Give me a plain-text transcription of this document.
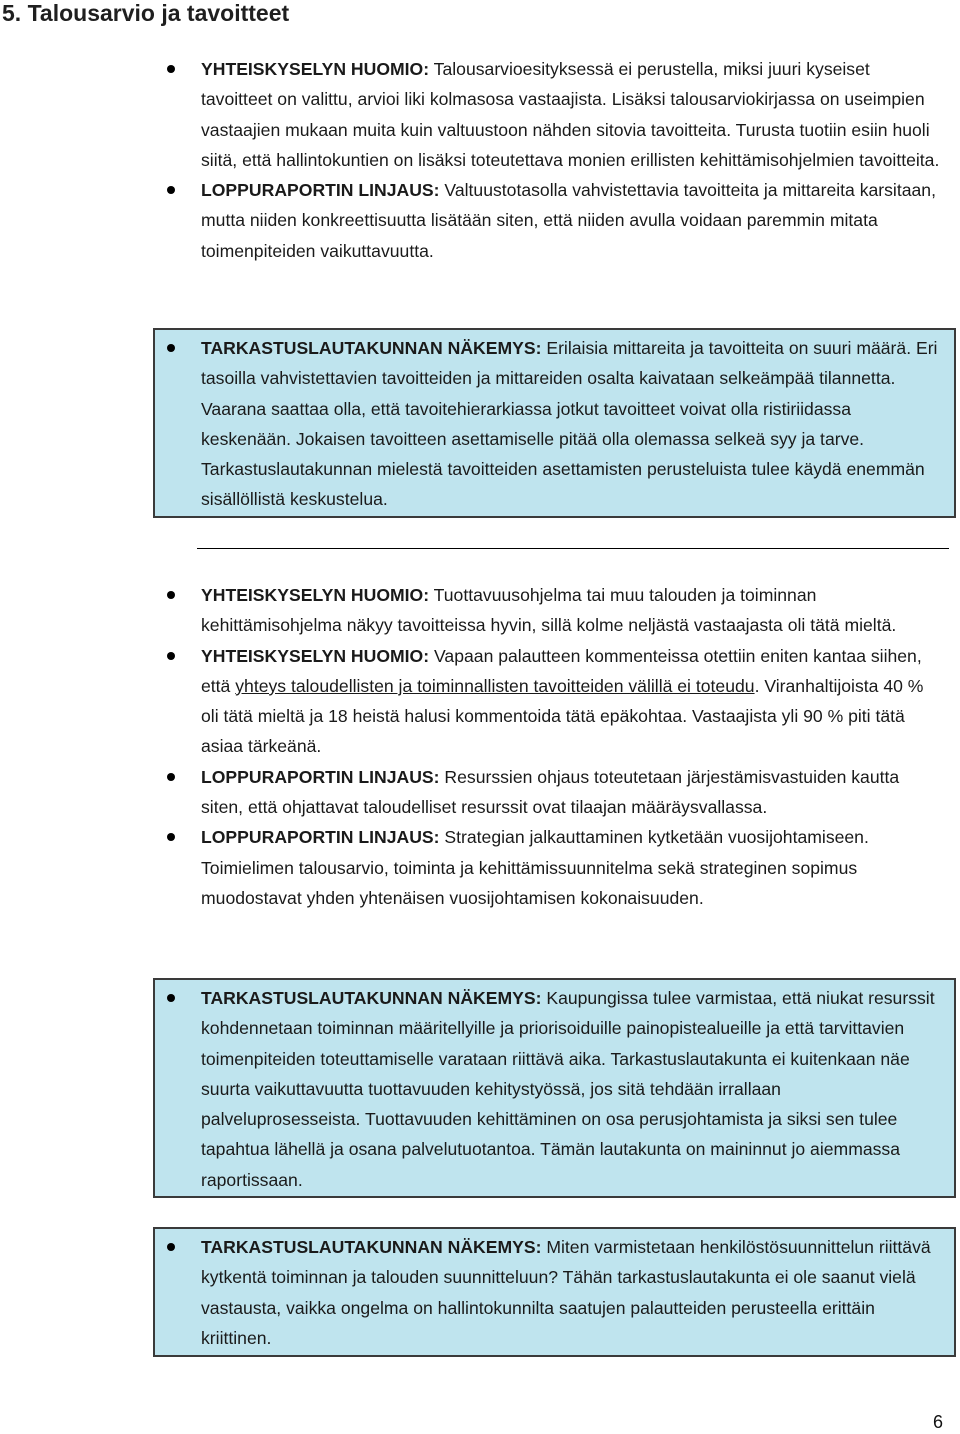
5. Talousarvio ja tavoitteet
YHTEISKYSELYN HUOMIO: Talousarvioesityksessä ei perustella, miksi juuri kyseiset tavoitteet on valittu, arvioi liki kolmasosa vastaajista. Lisäksi talousarviokirjassa on useimpien vastaajien mukaan muita kuin valtuustoon nähden sitovia tavoitteita. Turusta tuotiin esiin huoli siitä, että hallintokuntien on lisäksi toteutettava monien erillisten kehittämisohjelmien tavoitteita.
LOPPURAPORTIN LINJAUS: Valtuustotasolla vahvistettavia tavoitteita ja mittareita karsitaan, mutta niiden konkreettisuutta lisätään siten, että niiden avulla voidaan paremmin mitata toimenpiteiden vaikuttavuutta.
TARKASTUSLAUTAKUNNAN NÄKEMYS: Erilaisia mittareita ja tavoitteita on suuri määrä. Eri tasoilla vahvistettavien tavoitteiden ja mittareiden osalta kaivataan selkeämpää tilannetta. Vaarana saattaa olla, että tavoitehierarkiassa jotkut tavoitteet voivat olla ristiriidassa keskenään. Jokaisen tavoitteen asettamiselle pitää olla olemassa selkeä syy ja tarve. Tarkastuslautakunnan mielestä tavoitteiden asettamisten perusteluista tulee käydä enemmän sisällöllistä keskustelua.
YHTEISKYSELYN HUOMIO: Tuottavuusohjelma tai muu talouden ja toiminnan kehittämisohjelma näkyy tavoitteissa hyvin, sillä kolme neljästä vastaajasta oli tätä mieltä.
YHTEISKYSELYN HUOMIO: Vapaan palautteen kommenteissa otettiin eniten kantaa siihen, että yhteys taloudellisten ja toiminnallisten tavoitteiden välillä ei toteudu. Viranhaltijoista 40 % oli tätä mieltä ja 18 heistä halusi kommentoida tätä epäkohtaa. Vastaajista yli 90 % piti tätä asiaa tärkeänä.
LOPPURAPORTIN LINJAUS: Resurssien ohjaus toteutetaan järjestämisvastuiden kautta siten, että ohjattavat taloudelliset resurssit ovat tilaajan määräysvallassa.
LOPPURAPORTIN LINJAUS: Strategian jalkauttaminen kytketään vuosijohtamiseen. Toimielimen talousarvio, toiminta ja kehittämissuunnitelma sekä strateginen sopimus muodostavat yhden yhtenäisen vuosijohtamisen kokonaisuuden.
TARKASTUSLAUTAKUNNAN NÄKEMYS: Kaupungissa tulee varmistaa, että niukat resurssit kohdennetaan toiminnan määritellyille ja priorisoiduille painopistealueille ja että tarvittavien toimenpiteiden toteuttamiselle varataan riittävä aika. Tarkastuslautakunta ei kuitenkaan näe suurta vaikuttavuutta tuottavuuden kehitystyössä, jos sitä tehdään irrallaan palveluprosesseista. Tuottavuuden kehittäminen on osa perusjohtamista ja siksi sen tulee tapahtua lähellä ja osana palvelutuotantoa. Tämän lautakunta on maininnut jo aiemmassa raportissaan.
TARKASTUSLAUTAKUNNAN NÄKEMYS: Miten varmistetaan henkilöstösuunnittelun riittävä kytkentä toiminnan ja talouden suunnitteluun? Tähän tarkastuslautakunta ei ole saanut vielä vastausta, vaikka ongelma on hallintokunnilta saatujen palautteiden perusteella erittäin kriittinen.
6
